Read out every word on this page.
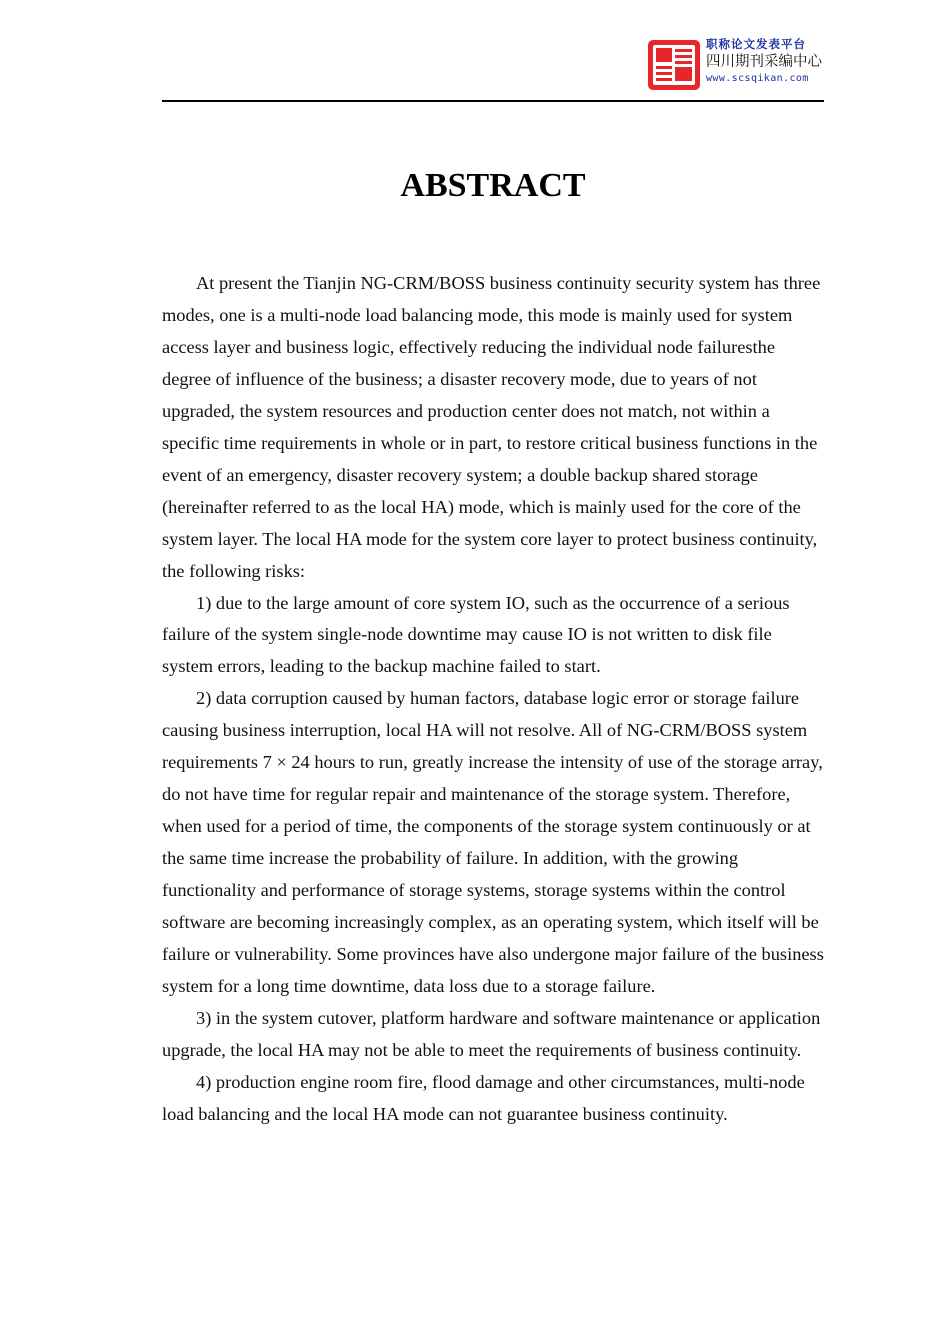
职称论文发表平台
四川期刊采编中心
www.scsqikan.com
ABSTRACT

At present the Tianjin NG-CRM/BOSS business continuity security system has three modes, one is a multi-node load balancing mode, this mode is mainly used for system access layer and business logic, effectively reducing the individual node failuresthe degree of influence of the business; a disaster recovery mode, due to years of not upgraded, the system resources and production center does not match, not within a specific time requirements in whole or in part, to restore critical business functions in the event of an emergency, disaster recovery system; a double backup shared storage (hereinafter referred to as the local HA) mode, which is mainly used for the core of the system layer. The local HA mode for the system core layer to protect business continuity, the following risks:

1) due to the large amount of core system IO, such as the occurrence of a serious failure of the system single-node downtime may cause IO is not written to disk file system errors, leading to the backup machine failed to start.

2) data corruption caused by human factors, database logic error or storage failure causing business interruption, local HA will not resolve. All of NG-CRM/BOSS system requirements 7 × 24 hours to run, greatly increase the intensity of use of the storage array, do not have time for regular repair and maintenance of the storage system. Therefore, when used for a period of time, the components of the storage system continuously or at the same time increase the probability of failure. In addition, with the growing functionality and performance of storage systems, storage systems within the control software are becoming increasingly complex, as an operating system, which itself will be failure or vulnerability. Some provinces have also undergone major failure of the business system for a long time downtime, data loss due to a storage failure.

3) in the system cutover, platform hardware and software maintenance or application upgrade, the local HA may not be able to meet the requirements of business continuity.

4) production engine room fire, flood damage and other circumstances, multi-node load balancing and the local HA mode can not guarantee business continuity.
